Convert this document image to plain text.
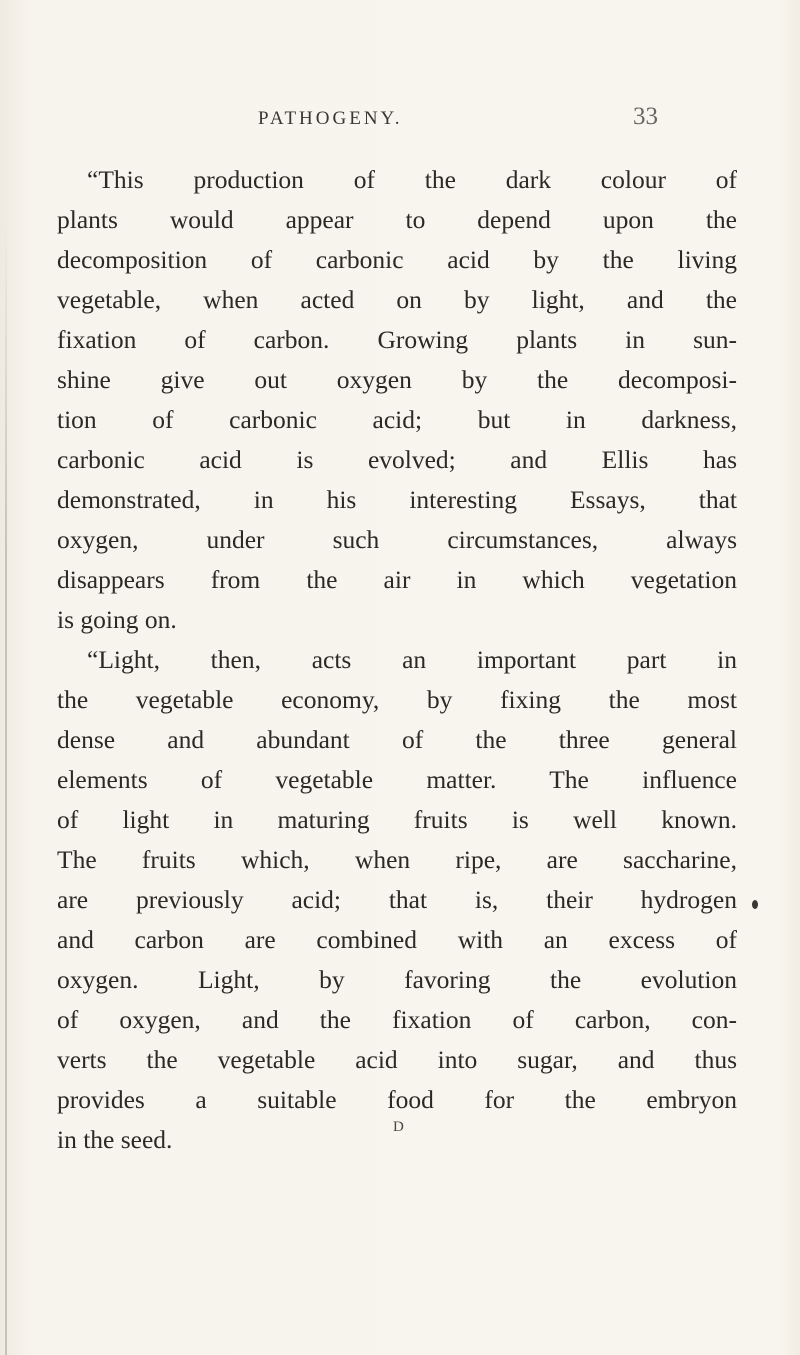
PATHOGENY.	33
“This production of the dark colour of
plants would appear to depend upon the
decomposition of carbonic acid by the living
vegetable, when acted on by light, and the
fixation of carbon. Growing plants in sun-
shine give out oxygen by the decomposi-
tion of carbonic acid; but in darkness,
carbonic acid is evolved; and Ellis has
demonstrated, in his interesting Essays, that
oxygen, under such circumstances, always
disappears from the air in which vegetation
is going on.
“Light, then, acts an important part in
the vegetable economy, by fixing the most
dense and abundant of the three general
elements of vegetable matter. The influence
of light in maturing fruits is well known.
The fruits which, when ripe, are saccharine,
are previously acid; that is, their hydrogen
and carbon are combined with an excess of
oxygen. Light, by favoring the evolution
of oxygen, and the fixation of carbon, con-
verts the vegetable acid into sugar, and thus
provides a suitable food for the embryon
in the seed.	D
